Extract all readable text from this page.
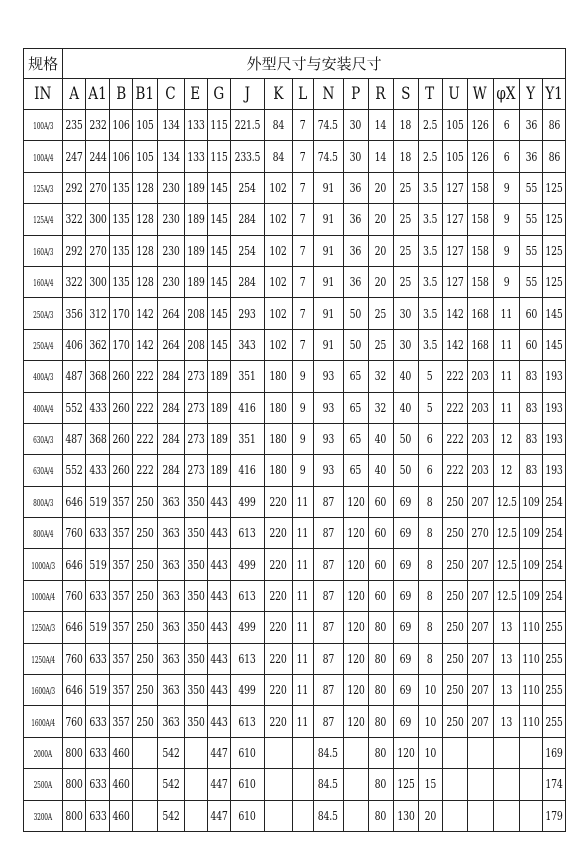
规格	外型尺寸与安装尺寸																			
IN	A	A1	B	B1	C	E	G	J	K	L	N	P	R	S	T	U	W	φX	Y	Y1
100A/3	235	232	106	105	134	133	115	221.5	84	7	74.5	30	14	18	2.5	105	126	6	36	86
100A/4	247	244	106	105	134	133	115	233.5	84	7	74.5	30	14	18	2.5	105	126	6	36	86
125A/3	292	270	135	128	230	189	145	254	102	7	91	36	20	25	3.5	127	158	9	55	125
125A/4	322	300	135	128	230	189	145	284	102	7	91	36	20	25	3.5	127	158	9	55	125
160A/3	292	270	135	128	230	189	145	254	102	7	91	36	20	25	3.5	127	158	9	55	125
160A/4	322	300	135	128	230	189	145	284	102	7	91	36	20	25	3.5	127	158	9	55	125
250A/3	356	312	170	142	264	208	145	293	102	7	91	50	25	30	3.5	142	168	11	60	145
250A/4	406	362	170	142	264	208	145	343	102	7	91	50	25	30	3.5	142	168	11	60	145
400A/3	487	368	260	222	284	273	189	351	180	9	93	65	32	40	5	222	203	11	83	193
400A/4	552	433	260	222	284	273	189	416	180	9	93	65	32	40	5	222	203	11	83	193
630A/3	487	368	260	222	284	273	189	351	180	9	93	65	40	50	6	222	203	12	83	193
630A/4	552	433	260	222	284	273	189	416	180	9	93	65	40	50	6	222	203	12	83	193
800A/3	646	519	357	250	363	350	443	499	220	11	87	120	60	69	8	250	207	12.5	109	254
800A/4	760	633	357	250	363	350	443	613	220	11	87	120	60	69	8	250	270	12.5	109	254
1000A/3	646	519	357	250	363	350	443	499	220	11	87	120	60	69	8	250	207	12.5	109	254
1000A/4	760	633	357	250	363	350	443	613	220	11	87	120	60	69	8	250	207	12.5	109	254
1250A/3	646	519	357	250	363	350	443	499	220	11	87	120	80	69	8	250	207	13	110	255
1250A/4	760	633	357	250	363	350	443	613	220	11	87	120	80	69	8	250	207	13	110	255
1600A/3	646	519	357	250	363	350	443	499	220	11	87	120	80	69	10	250	207	13	110	255
1600A/4	760	633	357	250	363	350	443	613	220	11	87	120	80	69	10	250	207	13	110	255
2000A	800	633	460		542		447	610			84.5		80	120	10					169
2500A	800	633	460		542		447	610			84.5		80	125	15					174
3200A	800	633	460		542		447	610			84.5		80	130	20					179
